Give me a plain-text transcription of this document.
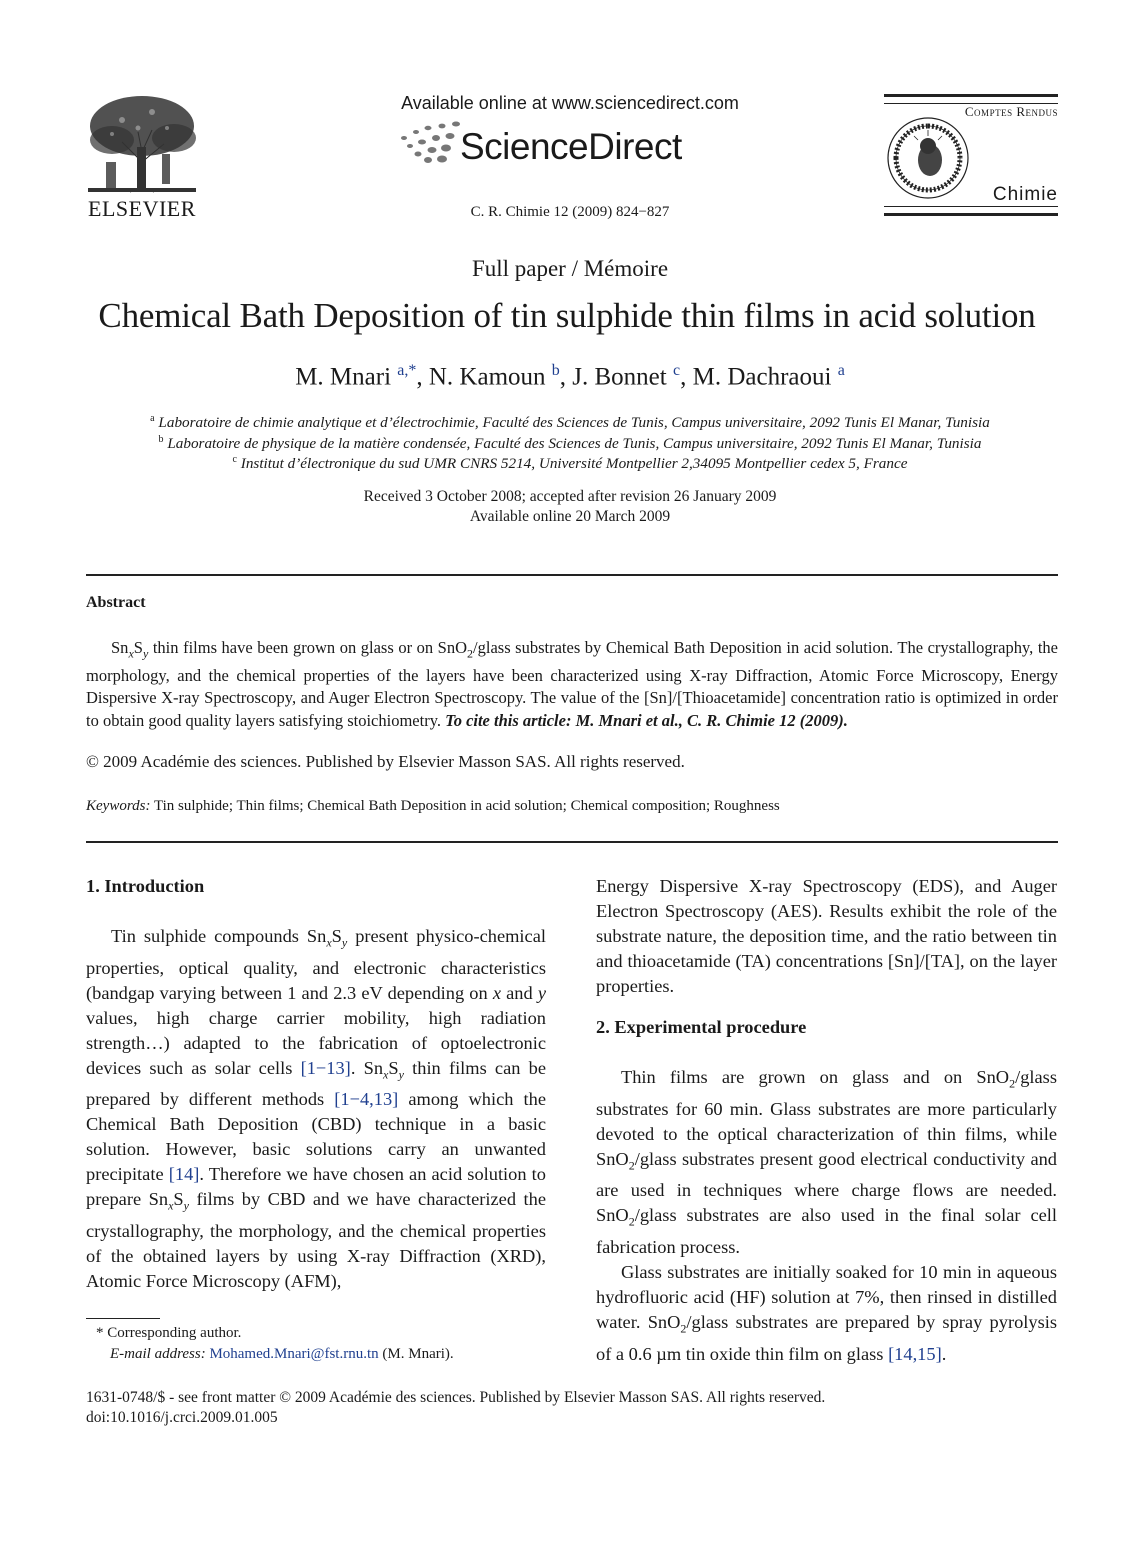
ELSEVIER
Available online at www.sciencedirect.com
ScienceDirect
C. R. Chimie 12 (2009) 824−827
Comptes Rendus
Chimie
Full paper / Mémoire
Chemical Bath Deposition of tin sulphide thin films in acid solution
M. Mnari $^{a,*}$, N. Kamoun $^b$, J. Bonnet $^c$, M. Dachraoui $^a$
$^a$ Laboratoire de chimie analytique et d’électrochimie, Faculté des Sciences de Tunis, Campus universitaire, 2092 Tunis El Manar, Tunisia
$^b$ Laboratoire de physique de la matière condensée, Faculté des Sciences de Tunis, Campus universitaire, 2092 Tunis El Manar, Tunisia
$^c$ Institut d’électronique du sud UMR CNRS 5214, Université Montpellier 2,34095 Montpellier cedex 5, France
Received 3 October 2008; accepted after revision 26 January 2009
Available online 20 March 2009
Abstract
$Sn_xS_y$ thin films have been grown on glass or on SnO$_2$/glass substrates by Chemical Bath Deposition in acid solution. The crystallography, the morphology, and the chemical properties of the layers have been characterized using X-ray Diffraction, Atomic Force Microscopy, Energy Dispersive X-ray Spectroscopy, and Auger Electron Spectroscopy. The value of the [Sn]/[Thioacetamide] concentration ratio is optimized in order to obtain good quality layers satisfying stoichiometry. To cite this article: M. Mnari et al., C. R. Chimie 12 (2009).
© 2009 Académie des sciences. Published by Elsevier Masson SAS. All rights reserved.
Keywords: Tin sulphide; Thin films; Chemical Bath Deposition in acid solution; Chemical composition; Roughness
1. Introduction

Tin sulphide compounds $Sn_xS_y$ present physico-chemical properties, optical quality, and electronic characteristics (bandgap varying between 1 and 2.3 eV depending on x and y values, high charge carrier mobility, high radiation strength…) adapted to the fabrication of optoelectronic devices such as solar cells [1−13]. $Sn_xS_y$ thin films can be prepared by different methods [1−4,13] among which the Chemical Bath Deposition (CBD) technique in a basic solution. However, basic solutions carry an unwanted precipitate [14]. Therefore we have chosen an acid solution to prepare $Sn_xS_y$ films by CBD and we have characterized the crystallography, the morphology, and the chemical properties of the obtained layers by using X-ray Diffraction (XRD), Atomic Force Microscopy (AFM),

* Corresponding author.
E-mail address: Mohamed.Mnari@fst.rnu.tn (M. Mnari).

Energy Dispersive X-ray Spectroscopy (EDS), and Auger Electron Spectroscopy (AES). Results exhibit the role of the substrate nature, the deposition time, and the ratio between tin and thioacetamide (TA) concentrations [Sn]/[TA], on the layer properties.

2. Experimental procedure

Thin films are grown on glass and on SnO$_2$/glass substrates for 60 min. Glass substrates are more particularly devoted to the optical characterization of thin films, while SnO$_2$/glass substrates present good electrical conductivity and are used in techniques where charge flows are needed. SnO$_2$/glass substrates are also used in the final solar cell fabrication process.

Glass substrates are initially soaked for 10 min in aqueous hydrofluoric acid (HF) solution at 7%, then rinsed in distilled water. SnO$_2$/glass substrates are prepared by spray pyrolysis of a 0.6 µm tin oxide thin film on glass [14,15].

1631-0748/$ - see front matter © 2009 Académie des sciences. Published by Elsevier Masson SAS. All rights reserved.
doi:10.1016/j.crci.2009.01.005
